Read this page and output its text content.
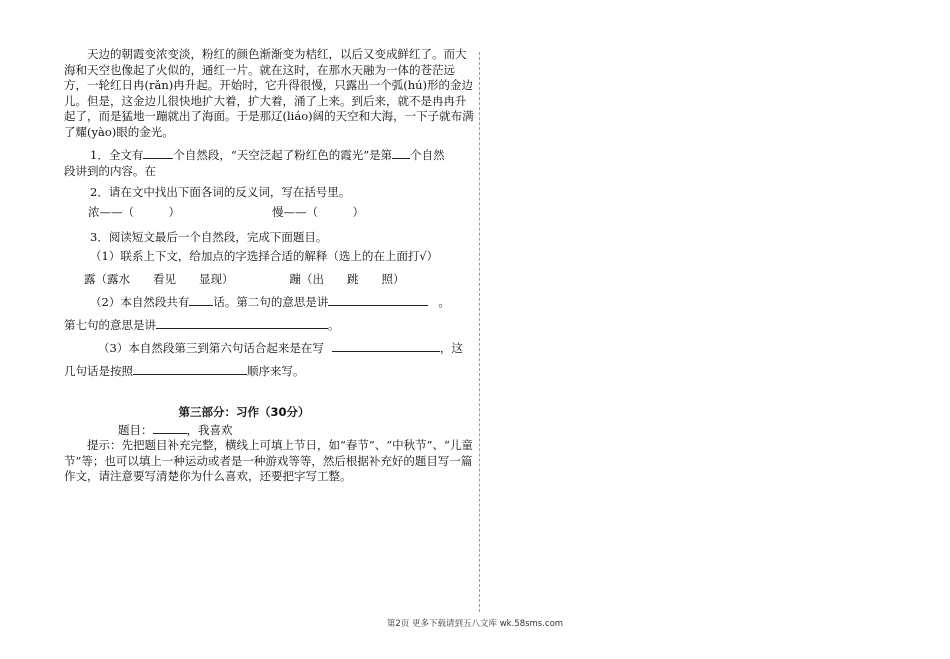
天边的朝霞变浓变淡，粉红的颜色渐渐变为桔红，以后又变成鲜红了。而大海和天空也像起了火似的，通红一片。就在这时，在那水天融为一体的苍茫远方，一轮红日冉(rǎn)冉升起。开始时，它升得很慢，只露出一个弧(hú)形的金边儿。但是，这金边儿很快地扩大着，扩大着，涌了上来。到后来，就不是冉冉升起了，而是猛地一蹦就出了海面。于是那辽(liáo)阔的天空和大海，一下子就布满了耀(yào)眼的金光。

1．全文有	个自然段，“天空泛起了粉红色的霞光”是第 个自然

段讲到的内容。在

2．请在文中找出下面各词的反义词，写在括号里。

浓——（　　　）	慢——（　　　）

3．阅读短文最后一个自然段，完成下面题目。

（1）联系上下文，给加点的字选择合适的解释（选上的在上面打√）

露（露水　　看见　　显现）	蹦（出　　跳　　照）

（2）本自然段共有 话。第二句的意思是讲	。

第七句的意思是讲	。

（3）本自然段第三到第六句话合起来是在写	，这

几句话是按照	顺序来写。

第三部分：习作（30分）

题目：	，我喜欢

提示：先把题目补充完整，横线上可填上节日，如“春节”、“中秋节”、“儿童节”等；也可以填上一种运动或者是一种游戏等等，然后根据补充好的题目写一篇作文，请注意要写清楚你为什么喜欢，还要把字写工整。

第2页 更多下载请到五八文库 wk.58sms.com
